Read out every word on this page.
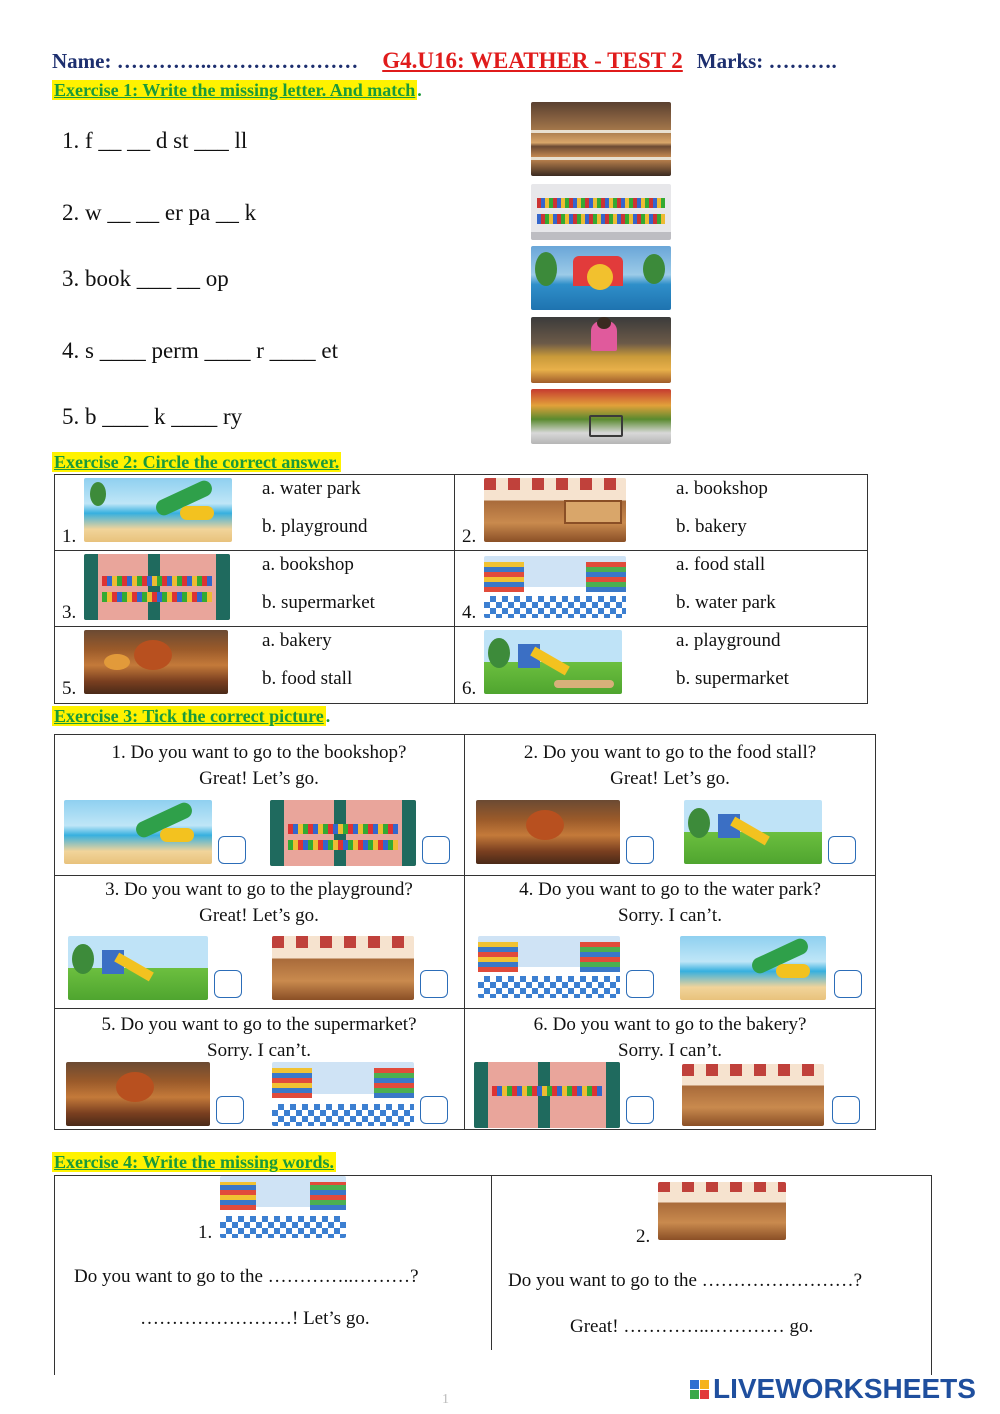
Name: …………..………………… G4.U16: WEATHER - TEST 2 Marks: ……….
Exercise 1: Write the missing letter. And match .
1. f __ __ d st ___ ll
2. w __ __ er pa __ k
3. book ___ __ op
4. s ____ perm ____ r ____ et
5. b ____ k ____ ry
Exercise 2: Circle the correct answer.
1.
a. water park
b. playground	2.
a. bookshop
b. bakery
3.
a. bookshop
b. supermarket	4.
a. food stall
b. water park
5.
a. bakery
b. food stall	6.
a. playground
b. supermarket
Exercise 3: Tick the correct picture .
1. Do you want to go to the bookshop?
Great! Let’s go.
2. Do you want to go to the food stall?
Great! Let’s go.
3. Do you want to go to the playground?
Great! Let’s go.
4. Do you want to go to the water park?
Sorry. I can’t.
5. Do you want to go to the supermarket?
Sorry. I can’t.
6. Do you want to go to the bakery?
Sorry. I can’t.
Exercise 4: Write the missing words.
1.
Do you want to go to the …………..………?
……………………! Let’s go.
2.
Do you want to go to the ……………………?
Great! …………..………… go.
1	LIVEWORKSHEETS
